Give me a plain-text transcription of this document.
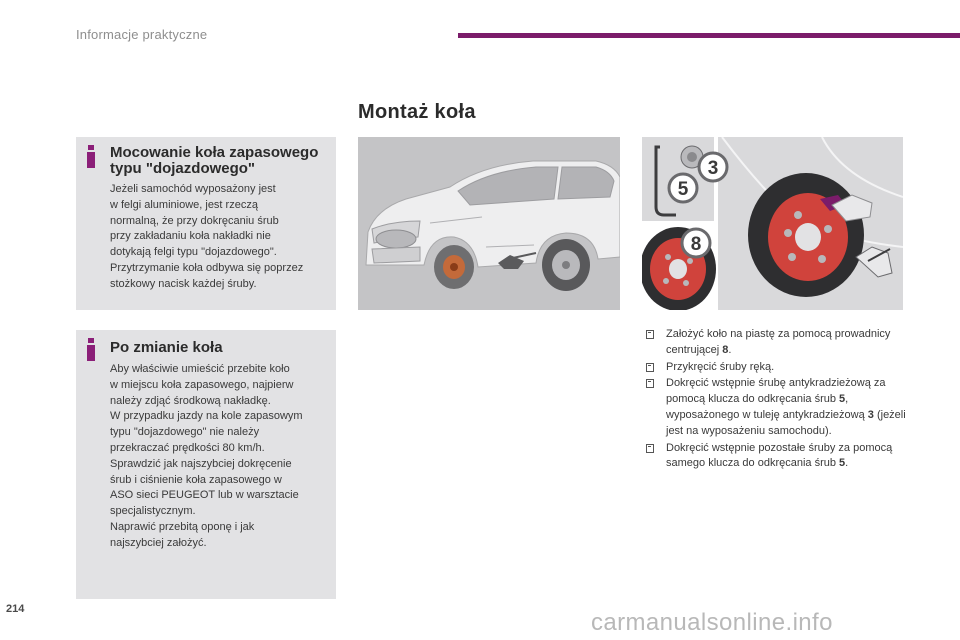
Informacje praktyczne
Montaż koła
Mocowanie koła zapasowego typu "dojazdowego"
Jeżeli samochód wyposażony jest
w felgi aluminiowe, jest rzeczą
normalną, że przy dokręcaniu śrub
przy zakładaniu koła nakładki nie
dotykają felgi typu "dojazdowego".
Przytrzymanie koła odbywa się poprzez
stożkowy nacisk każdej śruby.
Po zmianie koła
Aby właściwie umieścić przebite koło
w miejscu koła zapasowego, najpierw
należy zdjąć środkową nakładkę.
W przypadku jazdy na kole zapasowym
typu "dojazdowego" nie należy
przekraczać prędkości 80 km/h.
Sprawdzić jak najszybciej dokręcenie
śrub i ciśnienie koła zapasowego w
ASO sieci PEUGEOT lub w warsztacie
specjalistycznym.
Naprawić przebitą oponę i jak
najszybciej założyć.
3
5
8
Założyć koło na piastę za pomocą prowadnicy centrującej 8.
Przykręcić śruby ręką.
Dokręcić wstępnie śrubę antykradzieżową za pomocą klucza do odkręcania śrub 5, wyposażonego w tuleję antykradzieżową 3 (jeżeli jest na wyposażeniu samochodu).
Dokręcić wstępnie pozostałe śruby za pomocą samego klucza do odkręcania śrub 5.
214	carmanualsonline.info
